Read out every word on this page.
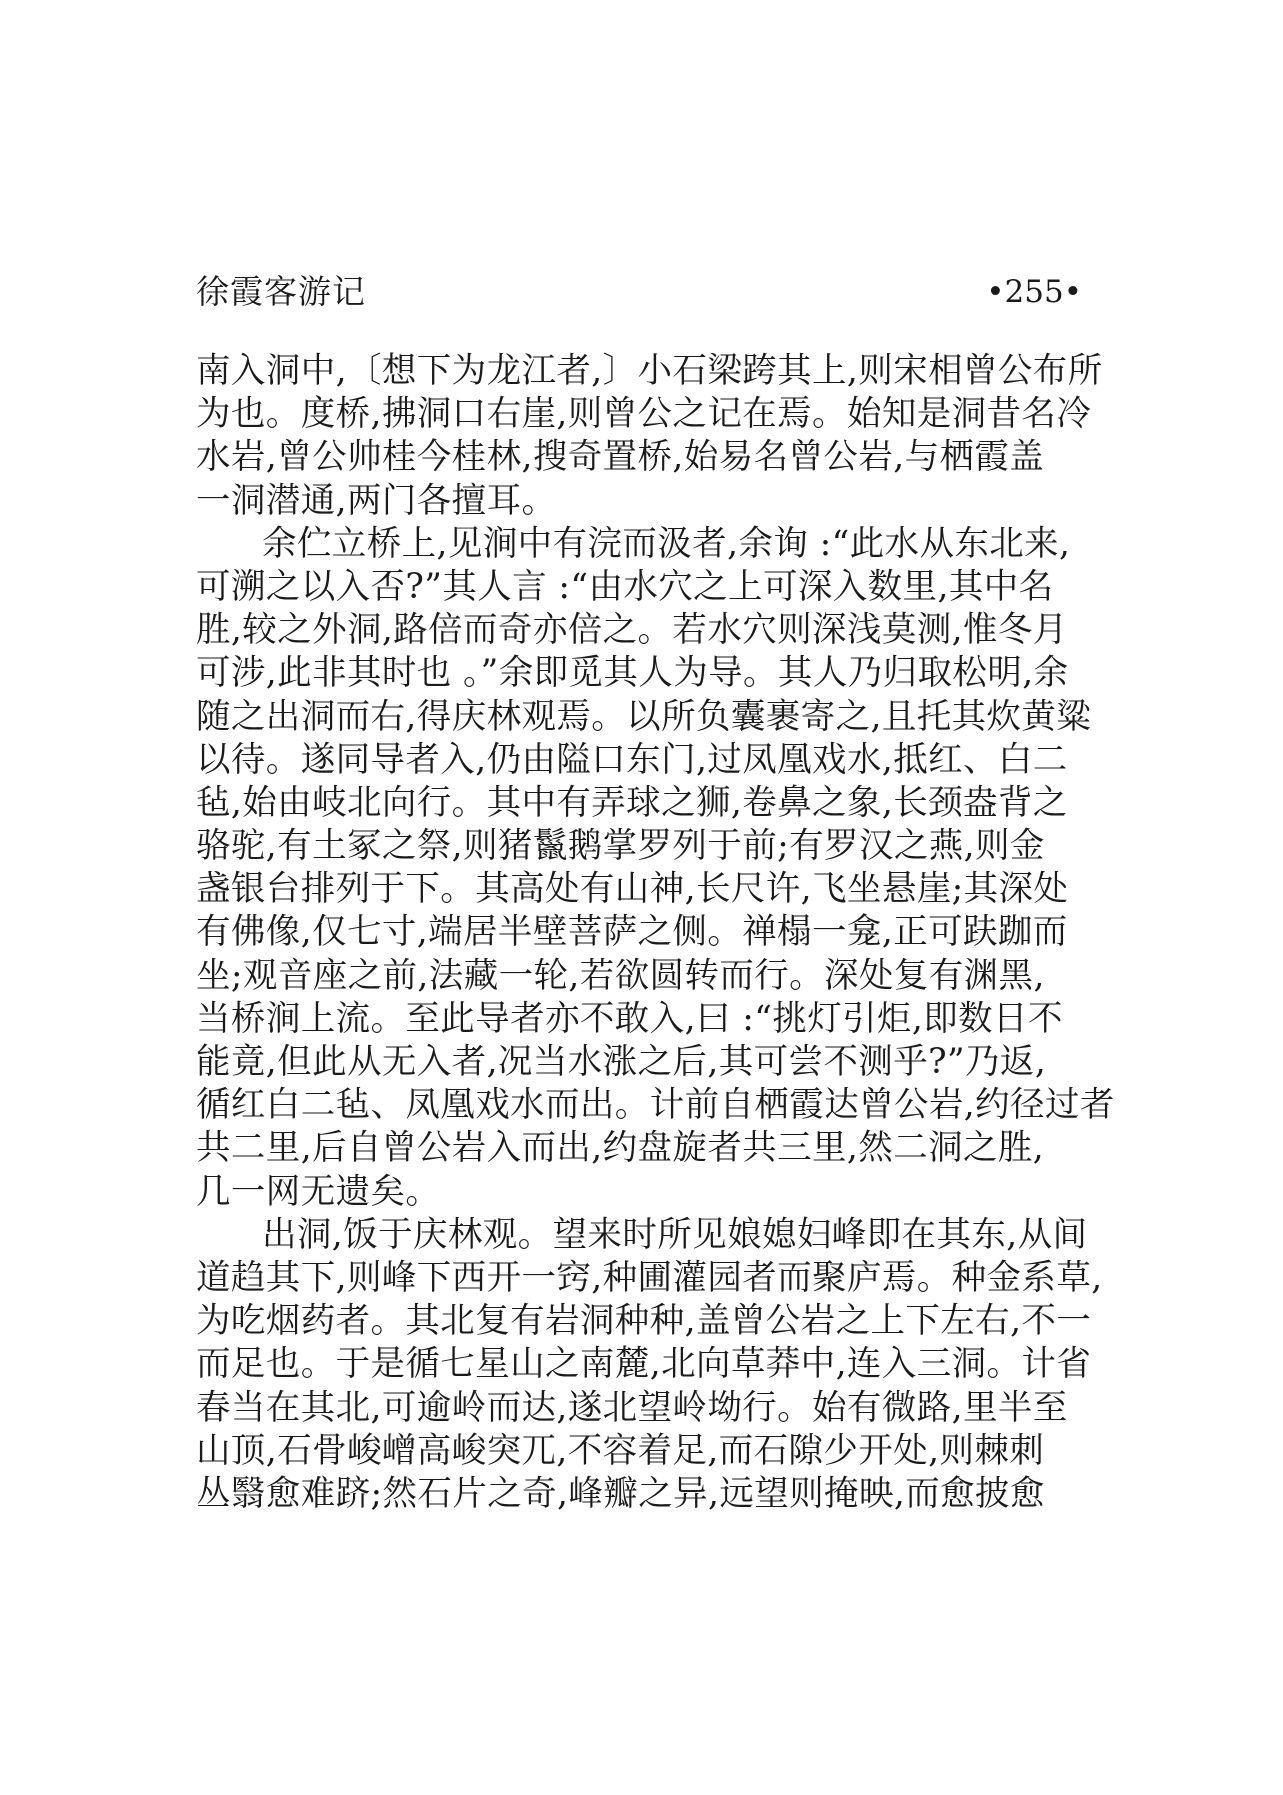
徐霞客游记	•255•
南入洞中,〔想下为龙江者,〕小石梁跨其上,则宋相曾公布所
为也。度桥,拂洞口右崖,则曾公之记在焉。始知是洞昔名冷
水岩,曾公帅桂今桂林,搜奇置桥,始易名曾公岩,与栖霞盖
一洞潜通,两门各擅耳。
余伫立桥上,见涧中有浣而汲者,余询 :“此水从东北来,
可溯之以入否?”其人言 :“由水穴之上可深入数里,其中名
胜,较之外洞,路倍而奇亦倍之。若水穴则深浅莫测,惟冬月
可涉,此非其时也 。”余即觅其人为导。其人乃归取松明,余
随之出洞而右,得庆林观焉。以所负囊裹寄之,且托其炊黄粱
以待。遂同导者入,仍由隘口东门,过凤凰戏水,抵红、白二
毡,始由岐北向行。其中有弄球之狮,卷鼻之象,长颈盎背之
骆驼,有土冢之祭,则猪鬣鹅掌罗列于前;有罗汉之燕,则金
盏银台排列于下。其高处有山神,长尺许,飞坐悬崖;其深处
有佛像,仅七寸,端居半壁菩萨之侧。禅榻一龛,正可趺跏而
坐;观音座之前,法藏一轮,若欲圆转而行。深处复有渊黑,
当桥涧上流。至此导者亦不敢入,曰 :“挑灯引炬,即数日不
能竟,但此从无入者,况当水涨之后,其可尝不测乎?”乃返,
循红白二毡、凤凰戏水而出。计前自栖霞达曾公岩,约径过者
共二里,后自曾公岩入而出,约盘旋者共三里,然二洞之胜,
几一网无遗矣。
出洞,饭于庆林观。望来时所见娘媳妇峰即在其东,从间
道趋其下,则峰下西开一窍,种圃灌园者而聚庐焉。种金系草,
为吃烟药者。其北复有岩洞种种,盖曾公岩之上下左右,不一
而足也。于是循七星山之南麓,北向草莽中,连入三洞。计省
春当在其北,可逾岭而达,遂北望岭坳行。始有微路,里半至
山顶,石骨峻嶒高峻突兀,不容着足,而石隙少开处,则棘刺
丛翳愈难跻;然石片之奇,峰瓣之异,远望则掩映,而愈披愈
